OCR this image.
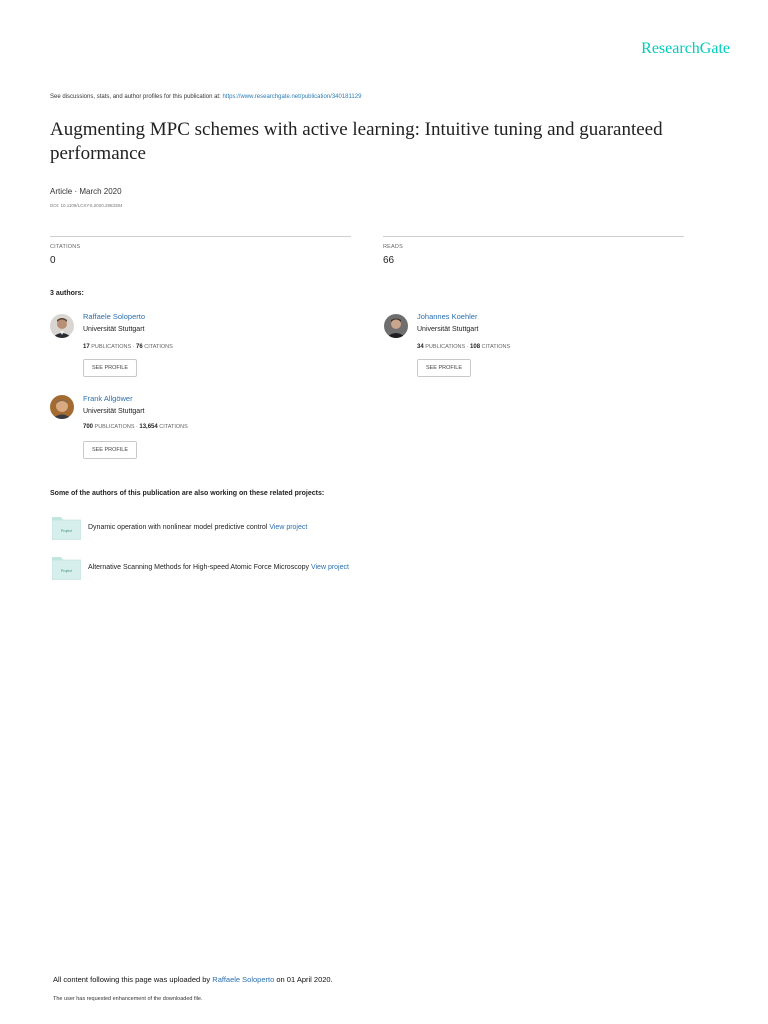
ResearchGate
See discussions, stats, and author profiles for this publication at: https://www.researchgate.net/publication/340181129
Augmenting MPC schemes with active learning: Intuitive tuning and guaranteed performance
Article · March 2020
DOI: 10.1109/LCSYS.2020.2983384
CITATIONS
0
READS
66
3 authors:
Raffaele Soloperto
Universität Stuttgart
17 PUBLICATIONS · 76 CITATIONS
SEE PROFILE
Johannes Koehler
Universität Stuttgart
34 PUBLICATIONS · 108 CITATIONS
SEE PROFILE
Frank Allgöwer
Universität Stuttgart
700 PUBLICATIONS · 13,654 CITATIONS
SEE PROFILE
Some of the authors of this publication are also working on these related projects:
Project Dynamic operation with nonlinear model predictive control View project
Project Alternative Scanning Methods for High-speed Atomic Force Microscopy View project
All content following this page was uploaded by Raffaele Soloperto on 01 April 2020.
The user has requested enhancement of the downloaded file.
